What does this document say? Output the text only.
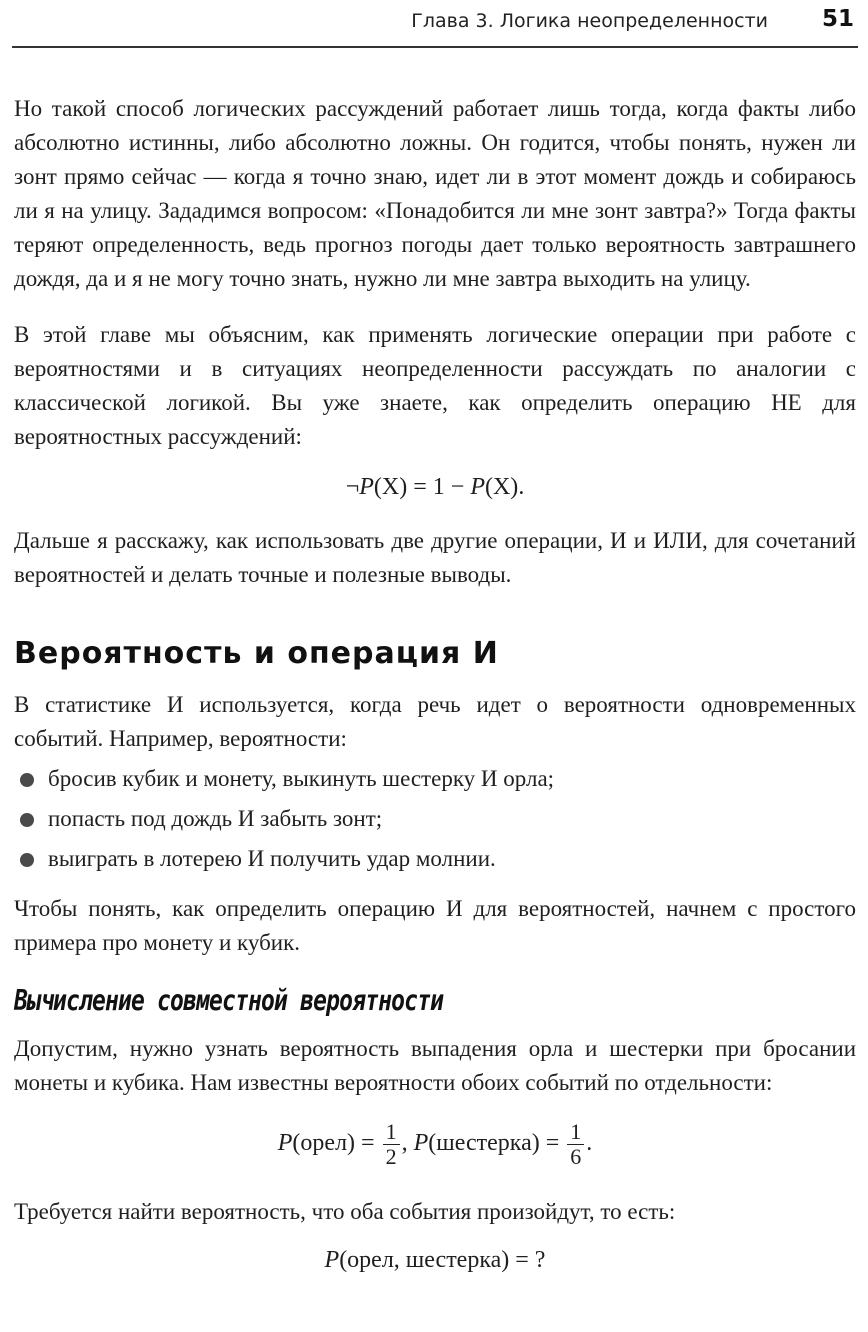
Глава 3. Логика неопределенности 51

Но такой способ логических рассуждений работает лишь тогда, когда факты либо абсолютно истинны, либо абсолютно ложны. Он годится, чтобы понять, нужен ли зонт прямо сейчас — когда я точно знаю, идет ли в этот момент дождь и собираюсь ли я на улицу. Зададимся вопросом: «Понадобится ли мне зонт завтра?» Тогда факты теряют определенность, ведь прогноз погоды дает только вероятность завтрашнего дождя, да и я не могу точно знать, нужно ли мне завтра выходить на улицу.

В этой главе мы объясним, как применять логические операции при работе с вероятностями и в ситуациях неопределенности рассуждать по аналогии с классической логикой. Вы уже знаете, как определить операцию НЕ для вероятностных рассуждений:

¬P(X) = 1 − P(X).

Дальше я расскажу, как использовать две другие операции, И и ИЛИ, для сочетаний вероятностей и делать точные и полезные выводы.

Вероятность и операция И

В статистике И используется, когда речь идет о вероятности одновременных событий. Например, вероятности:

бросив кубик и монету, выкинуть шестерку И орла;
попасть под дождь И забыть зонт;
выиграть в лотерею И получить удар молнии.

Чтобы понять, как определить операцию И для вероятностей, начнем с простого примера про монету и кубик.

Вычисление совместной вероятности

Допустим, нужно узнать вероятность выпадения орла и шестерки при бросании монеты и кубика. Нам известны вероятности обоих событий по отдельности:

P(орел) = $\frac{1}{2}$ , P(шестерка) = $\frac{1}{6}$ .

Требуется найти вероятность, что оба события произойдут, то есть:

P(орел, шестерка) = ?
